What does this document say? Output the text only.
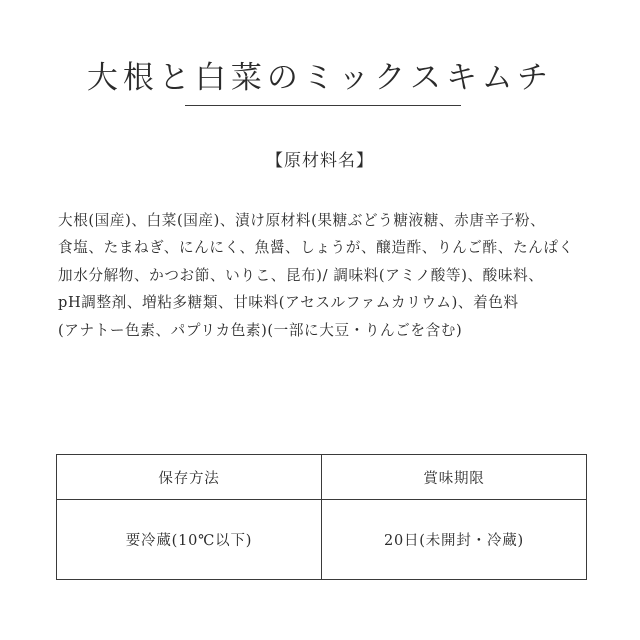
大根と白菜のミックスキムチ
【原材料名】
大根(国産)、白菜(国産)、漬け原材料(果糖ぶどう糖液糖、赤唐辛子粉、
食塩、たまねぎ、にんにく、魚醤、しょうが、醸造酢、りんご酢、たんぱく
加水分解物、かつお節、いりこ、昆布)/ 調味料(アミノ酸等)、酸味料、
pH調整剤、増粘多糖類、甘味料(アセスルファムカリウム)、着色料
(アナトー色素、パプリカ色素)(一部に大豆・りんごを含む)
保存方法	賞味期限
要冷蔵(10℃以下)	20日(未開封・冷蔵)
